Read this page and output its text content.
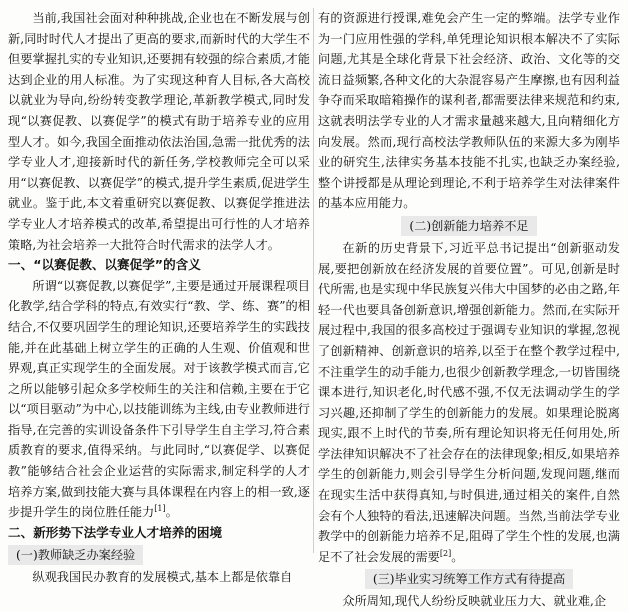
当前,我国社会面对种种挑战,企业也在不断发展与创新,同时时代人才提出了更高的要求,而新时代的大学生不但要掌握扎实的专业知识,还要拥有较强的综合素质,才能达到企业的用人标准。为了实现这种育人目标,各大高校以就业为导向,纷纷转变教学理论,革新教学模式,同时发现“以赛促教、以赛促学”的模式有助于培养专业的应用型人才。如今,我国全面推动依法治国,急需一批优秀的法学专业人才,迎接新时代的新任务,学校教师完全可以采用“以赛促教、以赛促学”的模式,提升学生素质,促进学生就业。鉴于此,本文着重研究以赛促教、以赛促学推进法学专业人才培养模式的改革,希望提出可行性的人才培养策略,为社会培养一大批符合时代需求的法学人才。

一、“以赛促教、以赛促学”的含义

所谓“以赛促教,以赛促学”,主要是通过开展课程项目化教学,结合学科的特点,有效实行“教、学、练、赛”的相结合,不仅要巩固学生的理论知识,还要培养学生的实践技能,并在此基础上树立学生的正确的人生观、价值观和世界观,真正实现学生的全面发展。对于该教学模式而言,它之所以能够引起众多学校师生的关注和信赖,主要在于它以“项目驱动”为中心,以技能训练为主线,由专业教师进行指导,在完善的实训设备条件下引导学生自主学习,符合素质教育的要求,值得采纳。与此同时,“以赛促学、以赛促教”能够结合社会企业运营的实际需求,制定科学的人才培养方案,做到技能大赛与具体课程在内容上的相一致,逐步提升学生的岗位胜任能力[1]。

二、新形势下法学专业人才培养的困境
(一)教师缺乏办案经验

纵观我国民办教育的发展模式,基本上都是依靠自

有的资源进行授课,难免会产生一定的弊端。法学专业作为一门应用性强的学科,单凭理论知识根本解决不了实际问题,尤其是全球化背景下社会经济、政治、文化等的交流日益频繁,各种文化的大杂混容易产生摩擦,也有因利益争夺而采取暗箱操作的谋利者,都需要法律来规范和约束,这就表明法学专业的人才需求量越来越大,且向精细化方向发展。然而,现行高校法学教师队伍的来源大多为刚毕业的研究生,法律实务基本技能不扎实,也缺乏办案经验,整个讲授都是从理论到理论,不利于培养学生对法律案件的基本应用能力。

(二)创新能力培养不足

在新的历史背景下,习近平总书记提出“创新驱动发展,要把创新放在经济发展的首要位置”。可见,创新是时代所需,也是实现中华民族复兴伟大中国梦的必由之路,年轻一代也要具备创新意识,增强创新能力。然而,在实际开展过程中,我国的很多高校过于强调专业知识的掌握,忽视了创新精神、创新意识的培养,以至于在整个教学过程中,不注重学生的动手能力,也很少创新教学理念,一切皆围绕课本进行,知识老化,时代感不强,不仅无法调动学生的学习兴趣,还抑制了学生的创新能力的发展。如果理论脱离现实,跟不上时代的节奏,所有理论知识将无任何用处,所学法律知识解决不了社会存在的法律现象;相反,如果培养学生的创新能力,则会引导学生分析问题,发现问题,继而在现实生活中获得真知,与时俱进,通过相关的案件,自然会有个人独特的看法,迅速解决问题。当然,当前法学专业教学中的创新能力培养不足,阻碍了学生个性的发展,也满足不了社会发展的需要[2]。

(三)毕业实习统筹工作方式有待提高

众所周知,现代人纷纷反映就业压力大、就业难,企
